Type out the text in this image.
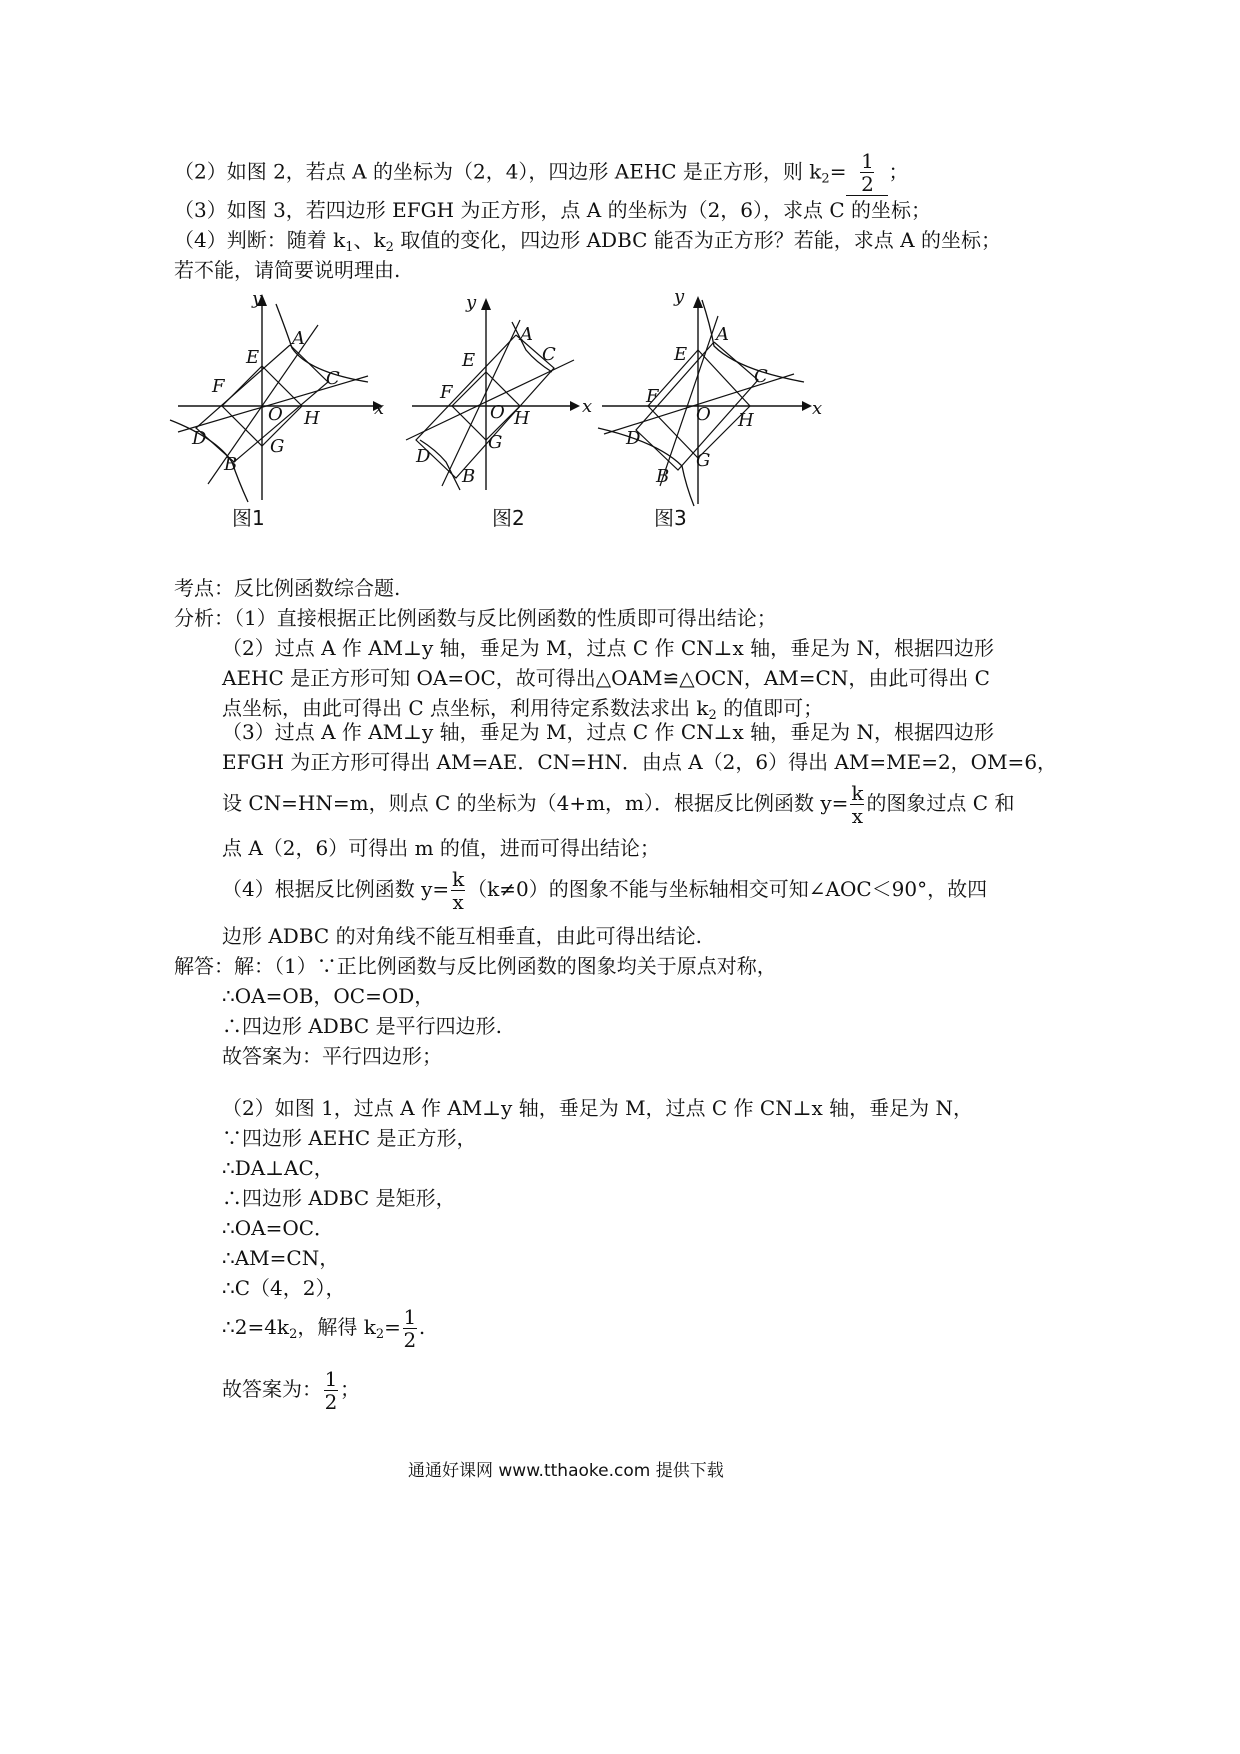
（2）如图 2，若点 A 的坐标为（2，4），四边形 AEHC 是正方形，则 $k_2= \frac{1}{2}$ ；
（3）如图 3，若四边形 EFGH 为正方形，点 A 的坐标为（2，6），求点 C 的坐标；
（4）判断：随着 $k_1$、$k_2$ 取值的变化，四边形 ADBC 能否为正方形？若能，求点 A 的坐标；
若不能，请简要说明理由.
A
C
E
F
O H
D	G
B
x
y
图1
A
C
E
F
O H
D
G
B
x
y
图2
A
C
E
F
O H
D
G
B
x
y
图3
考点：反比例函数综合题.
分析：（1）直接根据正比例函数与反比例函数的性质即可得出结论；
（2）过点 A 作 AM⊥y 轴，垂足为 M，过点 C 作 CN⊥x 轴，垂足为 N，根据四边形
AEHC 是正方形可知 OA=OC，故可得出△OAM≌△OCN，AM=CN，由此可得出 C
点坐标，由此可得出 C 点坐标，利用待定系数法求出 $k_2$ 的值即可；
（3）过点 A 作 AM⊥y 轴，垂足为 M，过点 C 作 CN⊥x 轴，垂足为 N，根据四边形
EFGH 为正方形可得出 AM=AE．CN=HN．由点 A（2，6）得出 AM=ME=2，OM=6，
设 CN=HN=m，则点 C 的坐标为（4+m，m）．根据反比例函数 $y= \frac{k}{x}$ 的图象过点 C 和
点 A（2，6）可得出 m 的值，进而可得出结论；
（4）根据反比例函数 $y= \frac{k}{x} (k\ne 0)$的图象不能与坐标轴相交可知∠AOC＜90°，故四
边形 ADBC 的对角线不能互相垂直，由此可得出结论.
解答：解：（1）∵正比例函数与反比例函数的图象均关于原点对称，
∴OA=OB，OC=OD，
∴四边形 ADBC 是平行四边形.
故答案为：平行四边形；
（2）如图 1，过点 A 作 AM⊥y 轴，垂足为 M，过点 C 作 CN⊥x 轴，垂足为 N，
∵四边形 AEHC 是正方形，
∴DA⊥AC，
∴四边形 ADBC 是矩形，
∴OA=OC．
∴AM=CN，
∴C（4，2），
$\therefore 2=4k_2$，解得 $k_2= \frac{1}{2}$ .
故答案为： $\frac{1}{2}$ ；
通通好课网 www.tthaoke.com 提供下载
